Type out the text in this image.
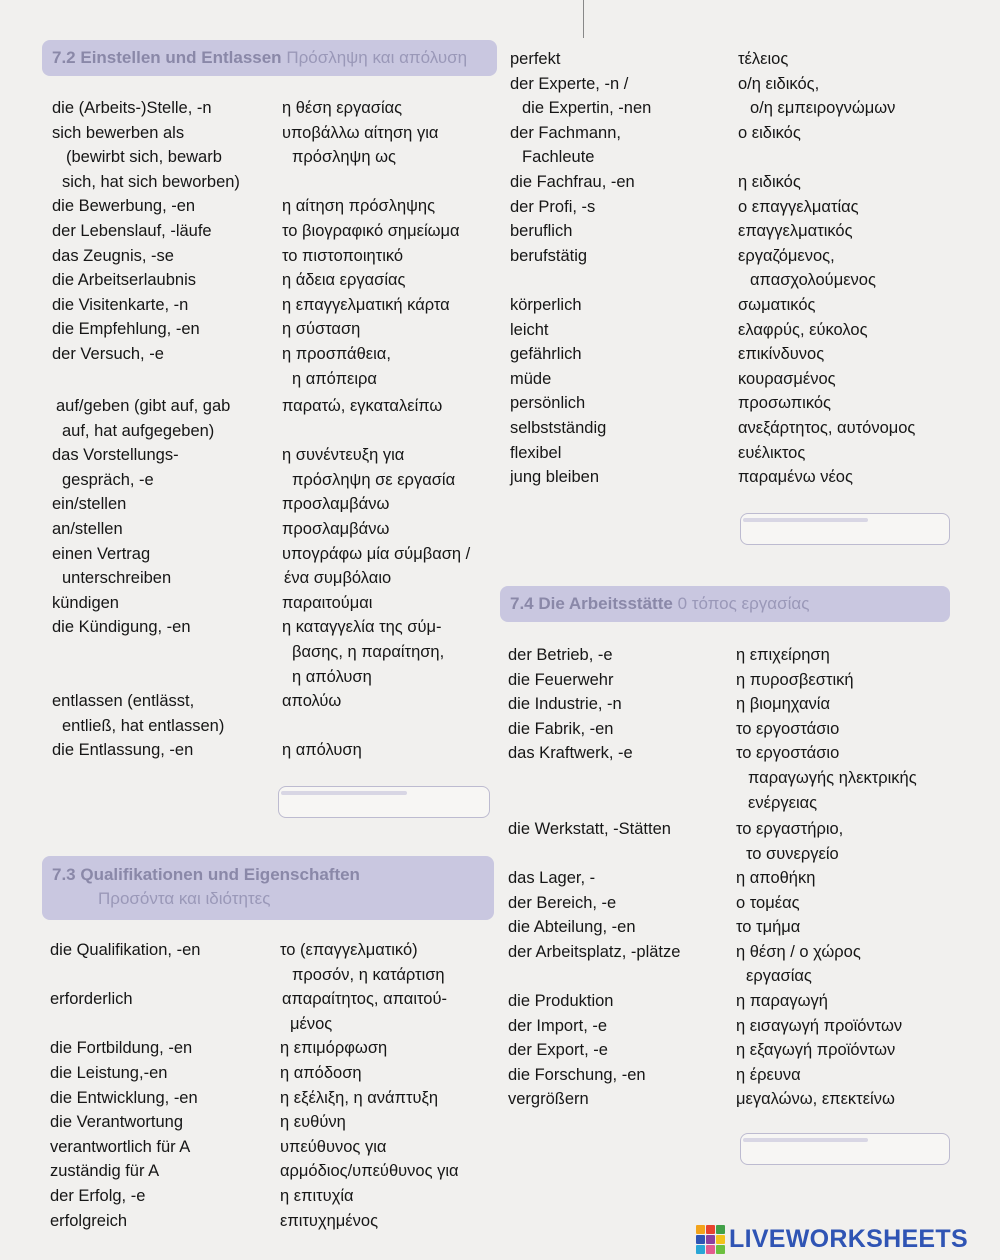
7.2 Einstellen und Entlassen Πρόσληψη και απόλυση
die (Arbeits-)Stelle, -n	η θέση εργασίας
sich bewerben als	υποβάλλω αίτηση για
(bewirbt sich, bewarb	πρόσληψη ως
sich, hat sich beworben)
die Bewerbung, -en	η αίτηση πρόσληψης
der Lebenslauf, -läufe	το βιογραφικό σημείωμα
das Zeugnis, -se	το πιστοποιητικό
die Arbeitserlaubnis	η άδεια εργασίας
die Visitenkarte, -n	η επαγγελματική κάρτα
die Empfehlung, -en	η σύσταση
der Versuch, -e	η προσπάθεια,
η απόπειρα
auf/geben (gibt auf, gab	παρατώ, εγκαταλείπω
auf, hat aufgegeben)
das Vorstellungs-	η συνέντευξη για
gespräch, -e	πρόσληψη σε εργασία
ein/stellen	προσλαμβάνω
an/stellen	προσλαμβάνω
einen Vertrag	υπογράφω μία σύμβαση /
unterschreiben	ένα συμβόλαιο
kündigen	παραιτούμαι
die Kündigung, -en	η καταγγελία της σύμ-
βασης, η παραίτηση,
η απόλυση
entlassen (entlässt,	απολύω
entließ, hat entlassen)
die Entlassung, -en	η απόλυση
7.3 Qualifikationen und Eigenschaften
Προσόντα και ιδιότητες
die Qualifikation, -en	το (επαγγελματικό)
προσόν, η κατάρτιση
erforderlich	απαραίτητος, απαιτού-
μένος
die Fortbildung, -en	η επιμόρφωση
die Leistung,-en	η απόδοση
die Entwicklung, -en	η εξέλιξη, η ανάπτυξη
die Verantwortung	η ευθύνη
verantwortlich für A	υπεύθυνος για
zuständig für A	αρμόδιος/υπεύθυνος για
der Erfolg, -e	η επιτυχία
erfolgreich	επιτυχημένος
perfekt	τέλειος
der Experte, -n /	ο/η ειδικός,
die Expertin, -nen	ο/η εμπειρογνώμων
der Fachmann,	ο ειδικός
Fachleute
die Fachfrau, -en	η ειδικός
der Profi, -s	ο επαγγελματίας
beruflich	επαγγελματικός
berufstätig	εργαζόμενος,
απασχολούμενος
körperlich	σωματικός
leicht	ελαφρύς, εύκολος
gefährlich	επικίνδυνος
müde	κουρασμένος
persönlich	προσωπικός
selbstständig	ανεξάρτητος, αυτόνομος
flexibel	ευέλικτος
jung bleiben	παραμένω νέος
7.4 Die Arbeitsstätte 0 τόπος εργασίας
der Betrieb, -e	η επιχείρηση
die Feuerwehr	η πυροσβεστική
die Industrie, -n	η βιομηχανία
die Fabrik, -en	το εργοστάσιο
das Kraftwerk, -e	το εργοστάσιο
παραγωγής ηλεκτρικής
ενέργειας
die Werkstatt, -Stätten	το εργαστήριο,
το συνεργείο
das Lager, -	η αποθήκη
der Bereich, -e	ο τομέας
die Abteilung, -en	το τμήμα
der Arbeitsplatz, -plätze	η θέση / ο χώρος
εργασίας
die Produktion	η παραγωγή
der Import, -e	η εισαγωγή προϊόντων
der Export, -e	η εξαγωγή προϊόντων
die Forschung, -en	η έρευνα
vergrößern	μεγαλώνω, επεκτείνω
LIVEWORKSHEETS
